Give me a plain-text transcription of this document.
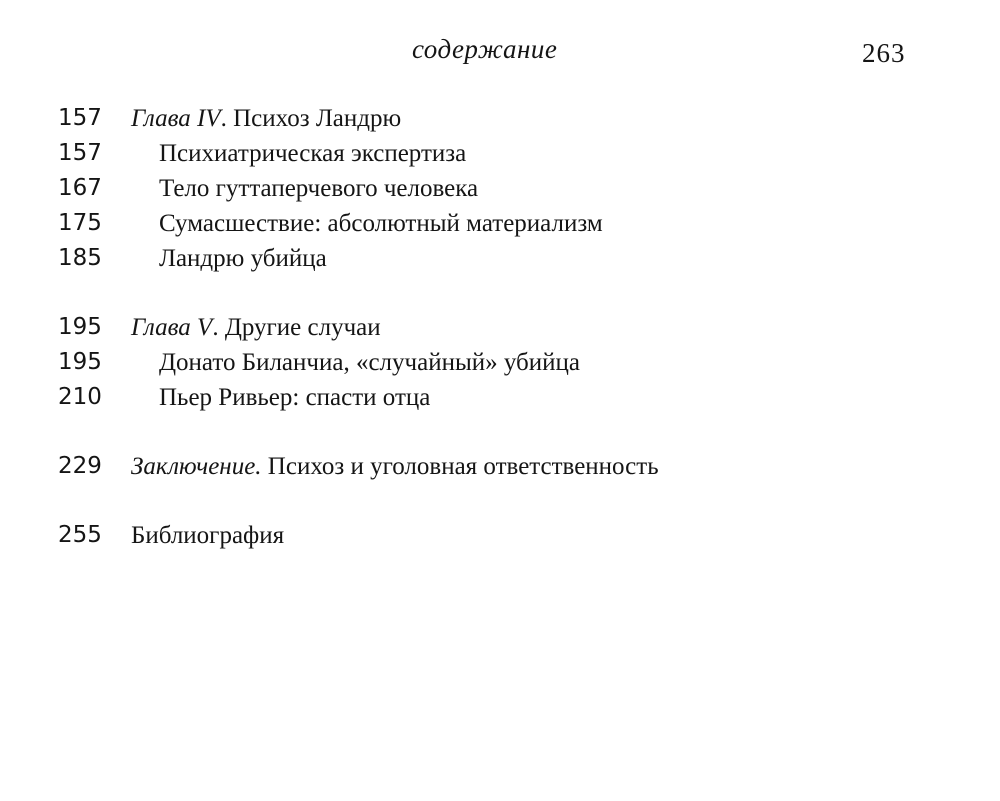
содержание	263
157	Глава IV. Психоз Ландрю
157	Психиатрическая экспертиза
167	Тело гуттаперчевого человека
175	Сумасшествие: абсолютный материализм
185	Ландрю убийца
195	Глава V. Другие случаи
195	Донато Биланчиа, «случайный» убийца
210	Пьер Ривьер: спасти отца
229	Заключение. Психоз и уголовная ответственность
255	Библиография
